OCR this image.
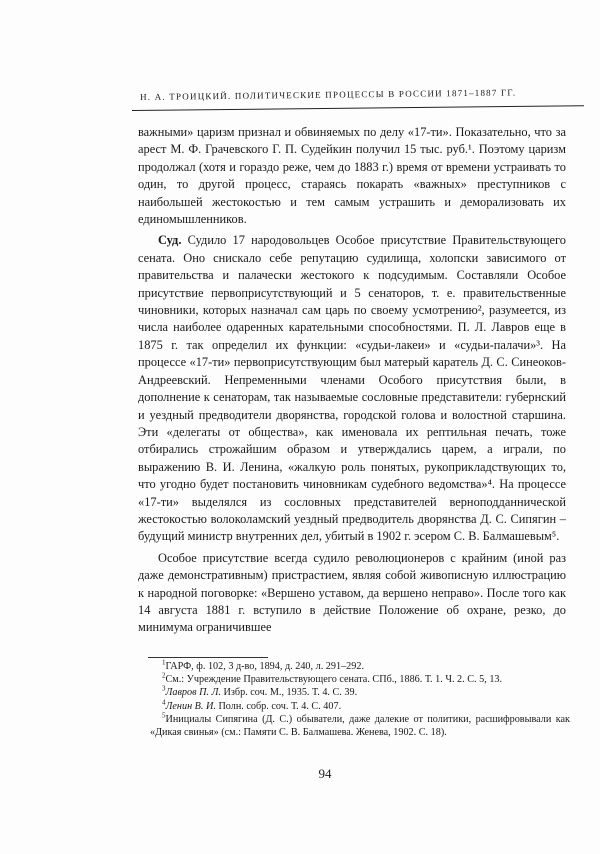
Н. А. ТРОИЦКИЙ. ПОЛИТИЧЕСКИЕ ПРОЦЕССЫ В РОССИИ 1871–1887 ГГ.

важными» царизм признал и обвиняемых по делу «17-ти». Показательно, что за арест М. Ф. Грачевского Г. П. Судейкин получил 15 тыс. руб.¹. Поэтому царизм продолжал (хотя и гораздо реже, чем до 1883 г.) время от времени устраивать то один, то другой процесс, стараясь покарать «важных» преступников с наибольшей жестокостью и тем самым устрашить и деморализовать их единомышленников.

Суд. Судило 17 народовольцев Особое присутствие Правительствующего сената. Оно снискало себе репутацию судилища, холопски зависимого от правительства и палачески жестокого к подсудимым. Составляли Особое присутствие первоприсутствующий и 5 сенаторов, т. е. правительственные чиновники, которых назначал сам царь по своему усмотрению², разумеется, из числа наиболее одаренных карательными способностями. П. Л. Лавров еще в 1875 г. так определил их функции: «судьи-лакеи» и «судьи-палачи»³. На процессе «17-ти» первоприсутствующим был матерый каратель Д. С. Синеоков-Андреевский. Непременными членами Особого присутствия были, в дополнение к сенаторам, так называемые сословные представители: губернский и уездный предводители дворянства, городской голова и волостной старшина. Эти «делегаты от общества», как именовала их рептильная печать, тоже отбирались строжайшим образом и утверждались царем, а играли, по выражению В. И. Ленина, «жалкую роль понятых, рукоприкладствующих то, что угодно будет постановить чиновникам судебного ведомства»⁴. На процессе «17-ти» выделялся из сословных представителей верноподданнической жестокостью волоколамский уездный предводитель дворянства Д. С. Сипягин – будущий министр внутренних дел, убитый в 1902 г. эсером С. В. Балмашевым⁵.

Особое присутствие всегда судило революционеров с крайним (иной раз даже демонстративным) пристрастием, являя собой живописную иллюстрацию к народной поговорке: «Вершено уставом, да вершено неправо». После того как 14 августа 1881 г. вступило в действие Положение об охране, резко, до минимума ограничившее

$^1$ГАРФ, ф. 102, 3 д-во, 1894, д. 240, л. 291–292.

$^2$См.: Учреждение Правительствующего сената. СПб., 1886. Т. 1. Ч. 2. С. 5, 13.

$^3$Лавров П. Л. Избр. соч. М., 1935. Т. 4. С. 39.

$^4$Ленин В. И. Полн. собр. соч. Т. 4. С. 407.

$^5$Инициалы Сипягина (Д. С.) обыватели, даже далекие от политики, расшифровывали как «Дикая свинья» (см.: Памяти С. В. Балмашева. Женева, 1902. С. 18).

94
